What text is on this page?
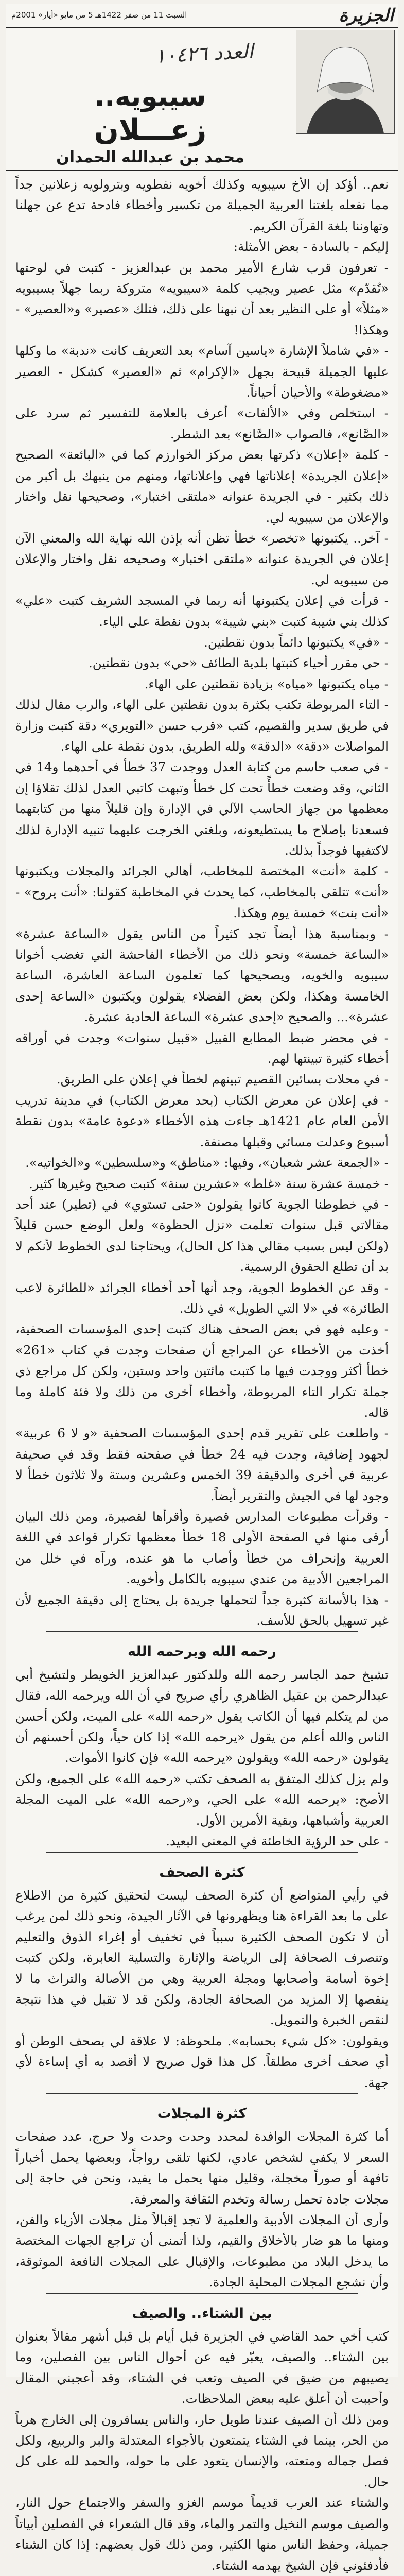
الجزيرة
السبت 11 من صفر 1422هـ 5 من مايو «أيار» 2001م
العدد ١٠٤٢٦
سيبويه..
زعـــلان
محمد بن عبدالله الحمدان

نعم.. أؤكد إن الأخ سيبويه وكذلك أخويه نفطويه وبترولويه زعلانين جداً مما نفعله بلغتنا العربية الجميلة من تكسير وأخطاء فادحة تدع عن جهلنا وتهاوننا بلغة القرآن الكريم.

إليكم - بالسادة - بعض الأمثلة:

- تعرفون قرب شارع الأمير محمد بن عبدالعزيز - كتبت في لوحتها «تُقدّم» مثل عصير ويجيب كلمة «سيبويه» متروكة ربما جهلاً بسيبويه «مثلاً» أو على النظير بعد أن نبهنا على ذلك، فتلك «عصير» و«العصير» - وهكذا!

- «في شاملاً الإشارة «ياسين آسام» بعد التعريف كانت «ندبة» ما وكلها عليها الجميلة قبيحة بجهل «الإكرام» ثم «العصير» كشكل - العصير «مضغوطة» والأحيان أحياناً.

- استخلص وفي «الألفات» أعرف بالعلامة للتفسير ثم سرد على «الصَّانع»، فالصواب «الصَّانع» بعد الشطر.

- كلمة «إعلان» ذكرتها بعض مركز الخوارزم كما في «البائعة» الصحيح «إعلان الجريدة» إعلاناتها فهي وإعلاناتها، ومنهم من ينبهك بل أكبر من ذلك بكثير - في الجريدة عنوانه «ملتقى اختبار»، وصحيحها نقل واختار والإعلان من سيبويه لي.

- آخر.. يكتبونها «تخصر» خطأ تظن أنه بإذن الله نهاية الله والمعني الآن إعلان في الجريدة عنوانه «ملتقى اختبار» وصحيحه نقل واختار والإعلان من سيبويه لي.

- قرأت في إعلان يكتبونها أنه ربما في المسجد الشريف كتبت «علي» كذلك بني شيبة كتبت «بني شيبة» بدون نقطة على الياء.

- «في» يكتبونها دائماً بدون نقطتين.

- حي مقرر أحياء كتبتها بلدية الطائف «حي» بدون نقطتين.

- مياه يكتبونها «مياه» بزيادة نقطتين على الهاء.

- التاء المربوطة تكتب بكثرة بدون نقطتين على الهاء، والرب مقال لذلك في طريق سدير والقصيم، كتب «قرب حسن «التويري» دقة كتبت وزارة المواصلات «دقة» «الدقة» ولله الطريق، بدون نقطة على الهاء.

- في صعب حاسم من كتابة العدل ووجدت 37 خطأ في أحدهما و14 في الثاني، وقد وضعت خطأً تحت كل خطأ وتبهت كاتبي العدل لذلك تقلاؤا إن معظمها من جهاز الحاسب الآلي في الإدارة وإن قليلاً منها من كتابتهما فسعدنا بإصلاح ما يستطيعونه، وبلغتي الخرجت عليهما تنبيه الإدارة لذلك لاكتفيها فوجداً بذلك.

- كلمة «أنت» المختصة للمخاطب، أهالي الجرائد والمجلات ويكتبونها «أنت» تتلقى بالمخاطب، كما يحدث في المخاطبة كقولنا: «أنت يروح» - «أنت بنت» خمسة يوم وهكذا.

- وبمناسبة هذا أيضاً تجد كثيراً من الناس يقول «الساعة عشرة» «الساعة خمسة» ونحو ذلك من الأخطاء الفاحشة التي تغضب أخوانا سيبويه والخويه، ويصحيحها كما تعلمون الساعة العاشرة، الساعة الخامسة وهكذا، ولكن بعض الفضلاء يقولون ويكتبون «الساعة إحدى عشرة»... والصحيح «إحدى عشرة» الساعة الحادية عشرة.

- في محضر ضبط المطابع القبيل «قبيل سنوات» وجدت في أوراقه أخطاء كثيرة تبينتها لهم.

- في محلات بسائين القصيم تبينهم لخطأ في إعلان على الطريق.

- في إعلان عن معرض الكتاب (بحد معرض الكتاب) في مدينة تدريب الأمن العام عام 1421هـ جاءت هذه الأخطاء «دعوة عامة» بدون نقطة أسبوع وعدلت مسائي وقبلها مصنفة.

- «الجمعة عشر شعبان»، وفيها: «مناطق» و«سلسطين» و«الخواتيه».

- خمسة عشرة سنة «غلط» «عشرين سنة» كتبت صحيح وغيرها كثير.

- في خطوطنا الجوية كانوا يقولون «حتى تستوي» في (تطير) عند أحد مقالاتي قبل سنوات تعلمت «نزل الحظوة» ولعل الوضع حسن قليلاً (ولكن ليس بسبب مقالي هذا كل الحال)، ويحتاجنا لدى الخطوط لأنكم لا بد أن تطلع الحقوق الرسمية.

- وقد عن الخطوط الجوية، وجد أنها أحد أخطاء الجرائد «للطائرة لاعب الطائرة» في «لا التي الطويل» في ذلك.

- وعليه فهو في بعض الصحف هناك كتبت إحدى المؤسسات الصحفية، أخذت من الأخطاء عن المراجع أن صفحات وجدت في كتاب «261» خطأ أكثر ووجدت فيها ما كتبت مائتين واحد وستين، ولكن كل مراجع ذي جملة تكرار التاء المربوطة، وأخطاء أخرى من ذلك ولا فئة كاملة وما قاله.

- واطلعت على تقرير قدم إحدى المؤسسات الصحفية «و لا 6 عربية» لجهود إضافية، وجدت فيه 24 خطأ في صفحته فقط وقد في صحيفة عربية في أخرى والدقيقة 39 الخمس وعشرين وستة ولا ثلاثون خطأ لا وجود لها في الجيش والتقرير أيضاً.

- وقرأت مطبوعات المدارس قصيرة وأقرأها لقصيرة، ومن ذلك البيان أرقى منها في الصفحة الأولى 18 خطأ معظمها تكرار قواعد في اللغة العربية وإنحراف من خطأ وأصاب ما هو عنده، ورآه في خلل من المراجعين الأدبية من عندي سيبويه بالكامل وأخويه.

- هذا بالأسانة كثيرة جداً لتحملها جريدة بل يحتاج إلى دقيقة الجميع لأن غير تسهيل بالحق للأسف.

رحمه الله ويرحمه الله

تشيخ حمد الجاسر رحمه الله وللدكتور عبدالعزيز الخويطر ولتشيخ أبي عبدالرحمن بن عقيل الظاهري رأي صريح في أن الله ويرحمه الله، فقال من لم يتكلم فيها أن الكاتب يقول «رحمه الله» على الميت، ولكن أحسن الناس والله أعلم من يقول «يرحمه الله» إذا كان حياً، ولكن أحسنهم أن يقولون «رحمه الله» ويقولون «يرحمه الله» فإن كانوا الأموات.

ولم يزل كذلك المتفق به الصحف تكتب «رحمه الله» على الجميع، ولكن الأصح: «يرحمه الله» على الحي، و«رحمه الله» على الميت المجلة العربية وأشباهها، وبقية الأمرين الأول.

- على حد الرؤية الخاطئة في المعنى البعيد.

كثرة الصحف

في رأيي المتواضع أن كثرة الصحف ليست لتحقيق كثيرة من الاطلاع على ما بعد القراءة هنا ويظهرونها في الآثار الجيدة، ونحو ذلك لمن يرغب أن لا تكون الصحف الكثيرة سبباً في تخفيف أو إغراء الذوق والتعليم وتنصرف الصحافة إلى الرياضة والإثارة والتسلية العابرة، ولكن كتبت إخوة أسامة وأصحابها ومجلة العربية وهي من الأصالة والتراث ما لا ينقصها إلا المزيد من الصحافة الجادة، ولكن قد لا تقبل في هذا نتيجة لنقص الخبرة والتمويل.

ويقولون: «كل شيء بحسابه». ملحوظة: لا علاقة لي بصحف الوطن أو أي صحف أخرى مطلقاً. كل هذا قول صريح لا أقصد به أي إساءة لأي جهة.

كثرة المجلات

أما كثرة المجلات الوافدة لمحدد وحدت وحدت ولا حرج، عدد صفحات السعر لا يكفي لشخص عادي، لكنها تلقى رواجاً، وبعضها يحمل أخباراً تافهة أو صوراً مخجلة، وقليل منها يحمل ما يفيد، ونحن في حاجة إلى مجلات جادة تحمل رسالة وتخدم الثقافة والمعرفة.

وأرى أن المجلات الأدبية والعلمية لا تجد إقبالاً مثل مجلات الأزياء والفن، ومنها ما هو ضار بالأخلاق والقيم، ولذا أتمنى أن تراجع الجهات المختصة ما يدخل البلاد من مطبوعات، والإقبال على المجلات النافعة الموثوقة، وأن نشجع المجلات المحلية الجادة.

بين الشتاء.. والصيف

كتب أخي حمد القاضي في الجزيرة قبل أيام بل قبل أشهر مقالاً بعنوان بين الشتاء.. والصيف، يعبّر فيه عن أحوال الناس بين الفصلين، وما يصيبهم من ضيق في الصيف وتعب في الشتاء، وقد أعجبني المقال وأحببت أن أعلق عليه ببعض الملاحظات.

ومن ذلك أن الصيف عندنا طويل حار، والناس يسافرون إلى الخارج هرباً من الحر، بينما في الشتاء يتمتعون بالأجواء المعتدلة والبر والربيع، ولكل فصل جماله ومتعته، والإنسان يتعود على ما حوله، والحمد لله على كل حال.

والشتاء عند العرب قديماً موسم الغزو والسفر والاجتماع حول النار، والصيف موسم النخيل والتمر والماء، وقد قال الشعراء في الفصلين أبياتاً جميلة، وحفظ الناس منها الكثير، ومن ذلك قول بعضهم: إذا كان الشتاء فأدفئوني فإن الشيخ يهدمه الشتاء.
